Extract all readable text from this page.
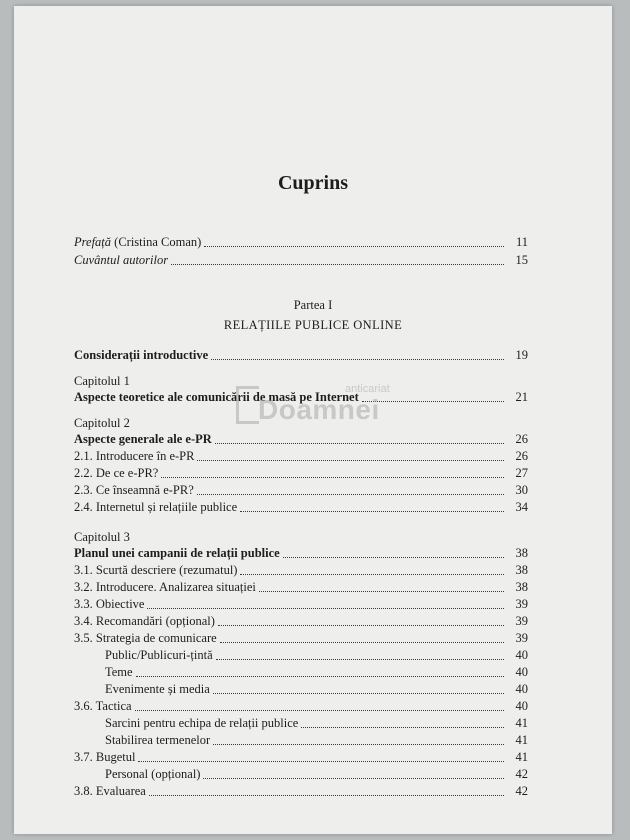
Cuprins
Prefață (Cristina Coman)	11
Cuvântul autorilor	15
Partea I
RELAȚIILE PUBLICE ONLINE
Considerații introductive	19
Capitolul 1
Aspecte teoretice ale comunicării de masă pe Internet	21
Capitolul 2
Aspecte generale ale e-PR	26
2.1. Introducere în e-PR	26
2.2. De ce e-PR?	27
2.3. Ce înseamnă e-PR?	30
2.4. Internetul și relațiile publice	34
Capitolul 3
Planul unei campanii de relații publice	38
3.1. Scurtă descriere (rezumatul)	38
3.2. Introducere. Analizarea situației	38
3.3. Obiective	39
3.4. Recomandări (opțional)	39
3.5. Strategia de comunicare	39
Public/Publicuri-țintă	40
Teme	40
Evenimente și media	40
3.6. Tactica	40
Sarcini pentru echipa de relații publice	41
Stabilirea termenelor	41
3.7. Bugetul	41
Personal (opțional)	42
3.8. Evaluarea	42
anticariat
Doamnei
